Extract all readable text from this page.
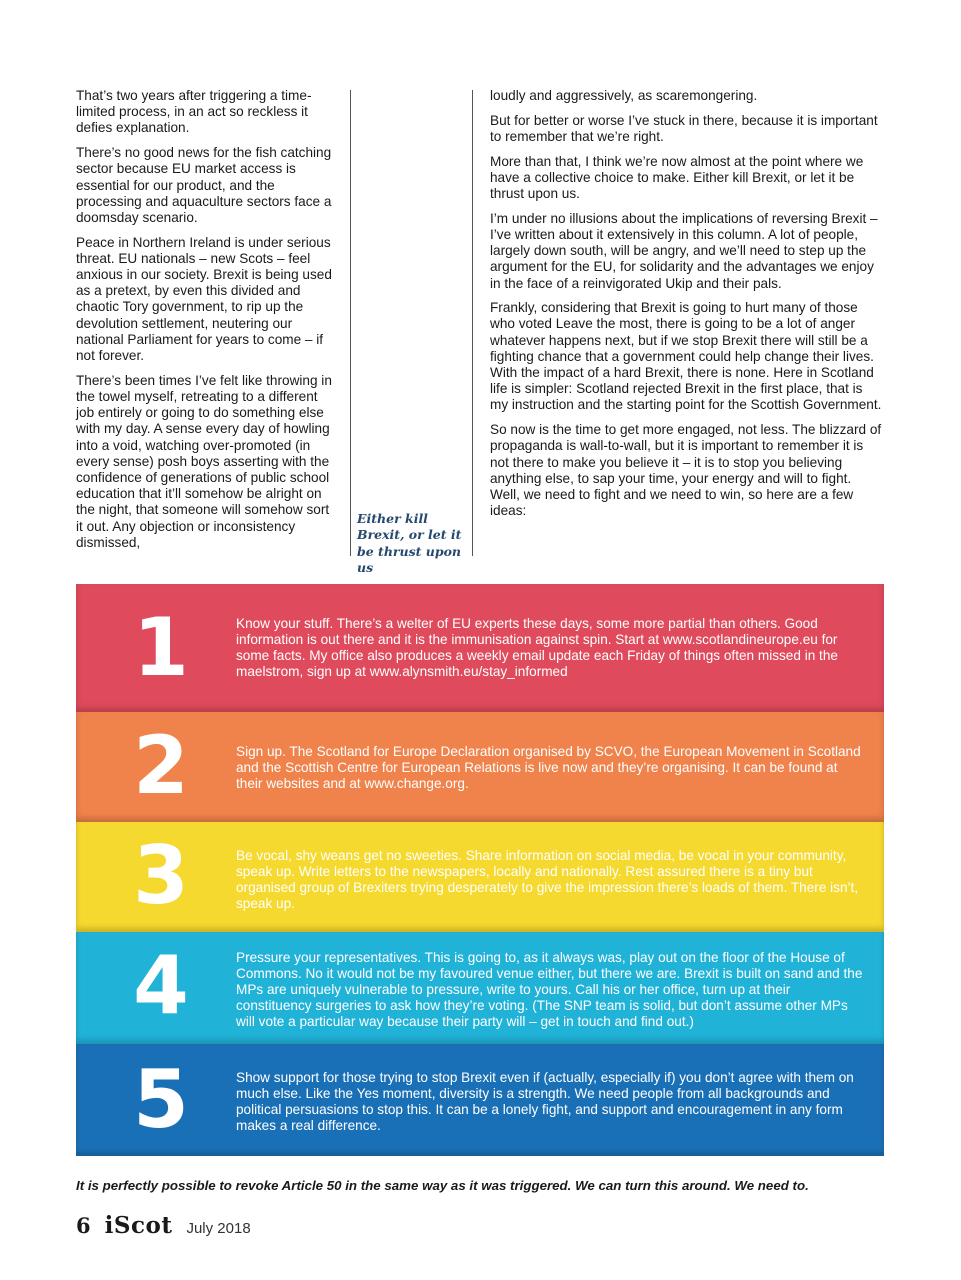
That’s two years after triggering a time-limited process, in an act so reckless it defies explanation.

There’s no good news for the fish catching sector because EU market access is essential for our product, and the processing and aquaculture sectors face a doomsday scenario.

Peace in Northern Ireland is under serious threat. EU nationals – new Scots – feel anxious in our society. Brexit is being used as a pretext, by even this divided and chaotic Tory government, to rip up the devolution settlement, neutering our national Parliament for years to come – if not forever.

There’s been times I’ve felt like throwing in the towel myself, retreating to a different job entirely or going to do something else with my day. A sense every day of howling into a void, watching over-promoted (in every sense) posh boys asserting with the confidence of generations of public school education that it’ll somehow be alright on the night, that someone will somehow sort it out. Any objection or inconsistency dismissed,

Either kill Brexit, or let it be thrust upon us

loudly and aggressively, as scaremongering.

But for better or worse I’ve stuck in there, because it is important to remember that we’re right.

More than that, I think we’re now almost at the point where we have a collective choice to make. Either kill Brexit, or let it be thrust upon us.

I’m under no illusions about the implications of reversing Brexit – I’ve written about it extensively in this column. A lot of people, largely down south, will be angry, and we’ll need to step up the argument for the EU, for solidarity and the advantages we enjoy in the face of a reinvigorated Ukip and their pals.

Frankly, considering that Brexit is going to hurt many of those who voted Leave the most, there is going to be a lot of anger whatever happens next, but if we stop Brexit there will still be a fighting chance that a government could help change their lives. With the impact of a hard Brexit, there is none. Here in Scotland life is simpler: Scotland rejected Brexit in the first place, that is my instruction and the starting point for the Scottish Government.

So now is the time to get more engaged, not less. The blizzard of propaganda is wall-to-wall, but it is important to remember it is not there to make you believe it – it is to stop you believing anything else, to sap your time, your energy and will to fight. Well, we need to fight and we need to win, so here are a few ideas:

1	Know your stuff. There’s a welter of EU experts these days, some more partial than others. Good information is out there and it is the immunisation against spin. Start at www.scotlandineurope.eu for some facts. My office also produces a weekly email update each Friday of things often missed in the maelstrom, sign up at www.alynsmith.eu/stay_informed
2	Sign up. The Scotland for Europe Declaration organised by SCVO, the European Movement in Scotland and the Scottish Centre for European Relations is live now and they’re organising. It can be found at their websites and at www.change.org.
3	Be vocal, shy weans get no sweeties. Share information on social media, be vocal in your community, speak up. Write letters to the newspapers, locally and nationally. Rest assured there is a tiny but organised group of Brexiters trying desperately to give the impression there’s loads of them. There isn’t, speak up.
4	Pressure your representatives. This is going to, as it always was, play out on the floor of the House of Commons. No it would not be my favoured venue either, but there we are. Brexit is built on sand and the MPs are uniquely vulnerable to pressure, write to yours. Call his or her office, turn up at their constituency surgeries to ask how they’re voting. (The SNP team is solid, but don’t assume other MPs will vote a particular way because their party will – get in touch and find out.)
5	Show support for those trying to stop Brexit even if (actually, especially if) you don’t agree with them on much else. Like the Yes moment, diversity is a strength. We need people from all backgrounds and political persuasions to stop this. It can be a lonely fight, and support and encouragement in any form makes a real difference.
It is perfectly possible to revoke Article 50 in the same way as it was triggered. We can turn this around. We need to.
6 iScot July 2018
